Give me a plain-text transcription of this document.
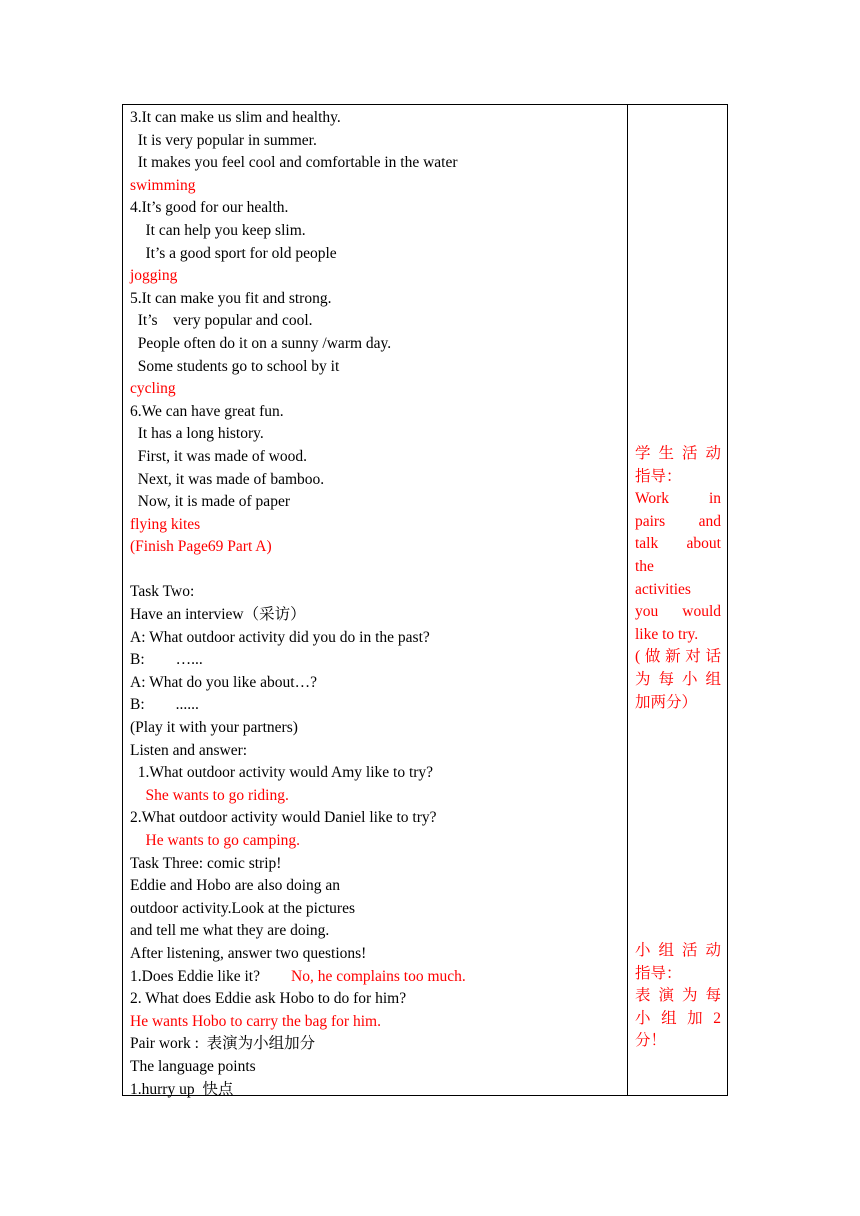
3.It can make us slim and healthy.
It is very popular in summer.
It makes you feel cool and comfortable in the water
swimming
4.It’s good for our health.
It can help you keep slim.
It’s a good sport for old people
jogging
5.It can make you fit and strong.
It’s    very popular and cool.
People often do it on a sunny /warm day.
Some students go to school by it
cycling
6.We can have great fun.
It has a long history.
First, it was made of wood.
Next, it was made of bamboo.
Now, it is made of paper
flying kites
(Finish Page69 Part A)
Task Two:
Have an interview（采访）
A: What outdoor activity did you do in the past?
B:        …...
A: What do you like about…?
B:        ......
(Play it with your partners)
Listen and answer:
1.What outdoor activity would Amy like to try?
She wants to go riding.
2.What outdoor activity would Daniel like to try?
He wants to go camping.
Task Three: comic strip!
Eddie and Hobo are also doing an
outdoor activity.Look at the pictures
and tell me what they are doing.
After listening, answer two questions!
1.Does Eddie like it?        No, he complains too much.
2. What does Eddie ask Hobo to do for him?
He wants Hobo to carry the bag for him.
Pair work :  表演为小组加分
The language points
1.hurry up  快点
学 生 活 动
指导：
Work in
pairs and
talk about
the
activities
you would
like to try.
(做新对话
为 每 小 组
加两分）
小 组 活 动
指导：
表 演 为 每
小 组 加 2
分！
